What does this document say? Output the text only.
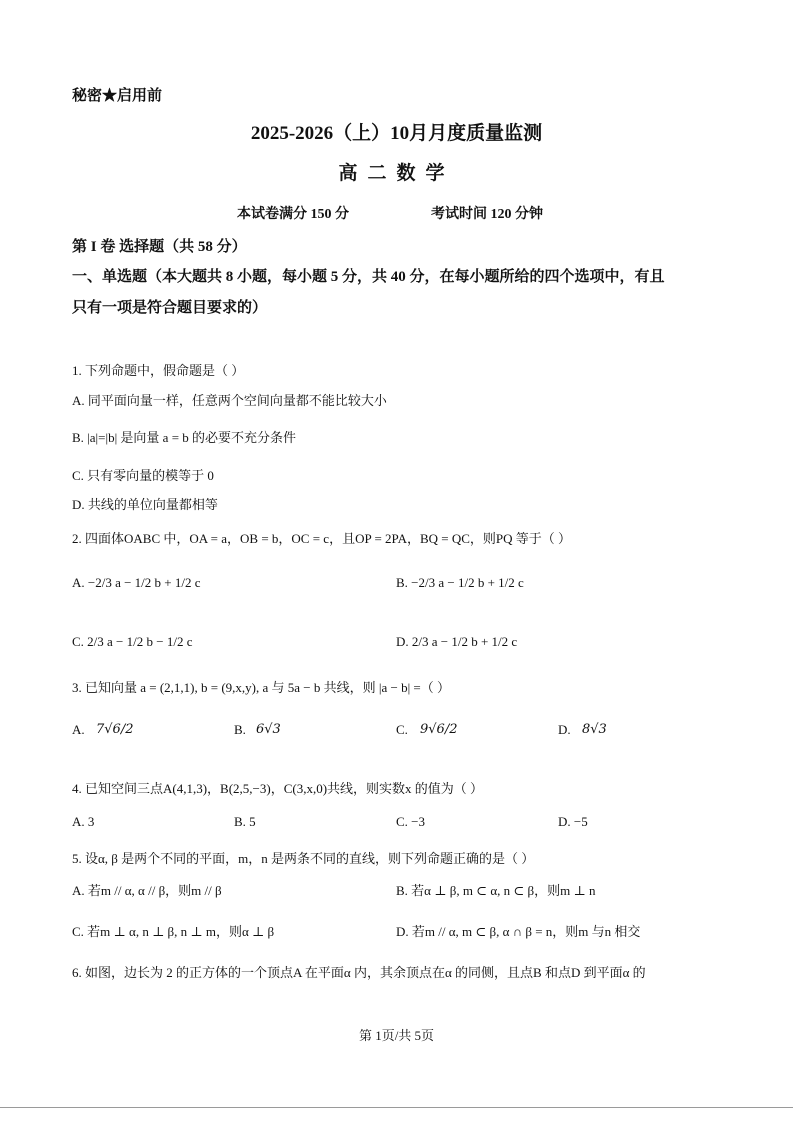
秘密★启用前
2025-2026（上）10月月度质量监测
高二数学
本试卷满分 150 分	考试时间 120 分钟
第 I 卷 选择题（共 58 分）
一、单选题（本大题共 8 小题，每小题 5 分，共 40 分，在每小题所给的四个选项中，有且
只有一项是符合题目要求的）
1. 下列命题中，假命题是（ ）
A. 同平面向量一样，任意两个空间向量都不能比较大小
B. |a|=|b| 是向量 a = b 的必要不充分条件
C. 只有零向量的模等于 0
D. 共线的单位向量都相等
2. 四面体OABC 中，OA = a，OB = b，OC = c，且OP = 2PA，BQ = QC，则PQ 等于（ ）
A. −2/3 a − 1/2 b + 1/2 c	B. −2/3 a − 1/2 b + 1/2 c
C. 2/3 a − 1/2 b − 1/2 c	D. 2/3 a − 1/2 b + 1/2 c
3. 已知向量 a = (2,1,1), b = (9,x,y), a 与 5a − b 共线，则 |a − b| =（ ）
A. 7√6/2	B. 6√3	C. 9√6/2	D. 8√3
4. 已知空间三点A(4,1,3)，B(2,5,−3)，C(3,x,0)共线，则实数x 的值为（ ）
A. 3	B. 5	C. −3	D. −5
5. 设α, β 是两个不同的平面，m，n 是两条不同的直线，则下列命题正确的是（ ）
A. 若m // α, α // β，则m // β	B. 若α ⊥ β, m ⊂ α, n ⊂ β，则m ⊥ n
C. 若m ⊥ α, n ⊥ β, n ⊥ m，则α ⊥ β	D. 若m // α, m ⊂ β, α ∩ β = n，则m 与n 相交
6. 如图，边长为 2 的正方体的一个顶点A 在平面α 内，其余顶点在α 的同侧，且点B 和点D 到平面α 的
第 1页/共 5页
